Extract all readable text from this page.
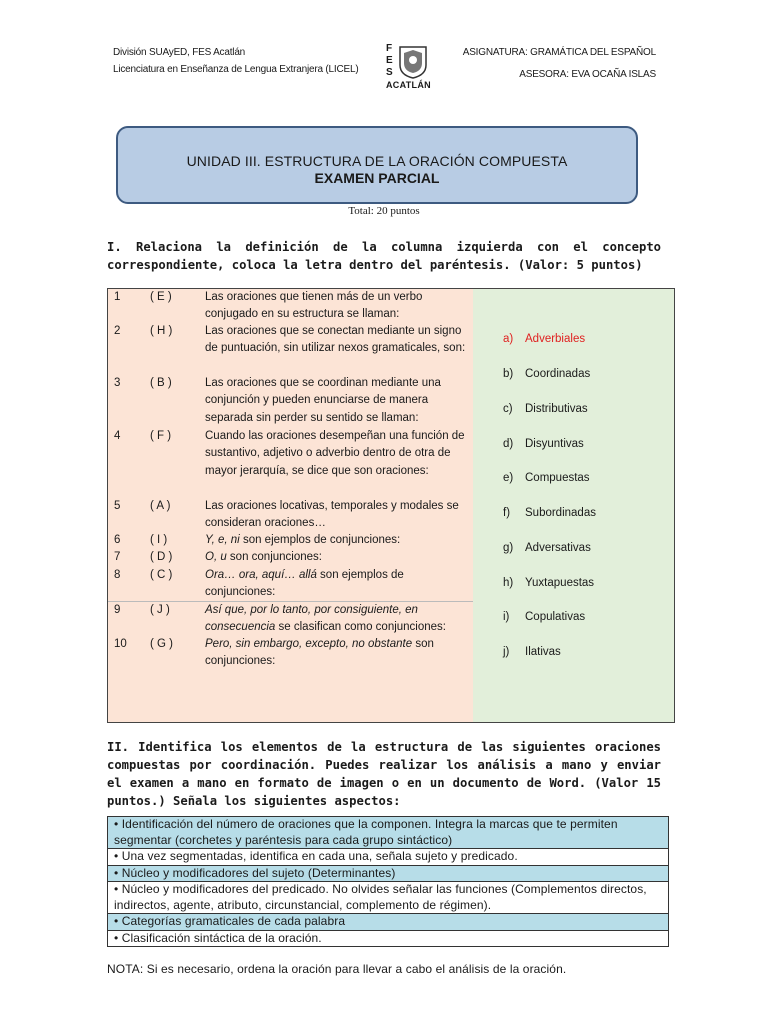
División SUAyED, FES Acatlán
Licenciatura en Enseñanza de Lengua Extranjera (LICEL)
F
E
S
ACATLÁN
ASIGNATURA: GRAMÁTICA DEL ESPAÑOL
ASESORA: EVA OCAÑA ISLAS
UNIDAD III. ESTRUCTURA DE LA ORACIÓN COMPUESTA
EXAMEN PARCIAL
Total: 20 puntos
I. Relaciona la definición de la columna izquierda con el concepto correspondiente, coloca la letra dentro del paréntesis. (Valor: 5 puntos)
1	( E )	Las oraciones que tienen más de un verbo conjugado en su estructura se llaman:
2	( H )	Las oraciones que se conectan mediante un signo de puntuación, sin utilizar nexos gramaticales, son:
3	( B )	Las oraciones que se coordinan mediante una conjunción y pueden enunciarse de manera separada sin perder su sentido se llaman:
4	( F )	Cuando las oraciones desempeñan una función de sustantivo, adjetivo o adverbio dentro de otra de mayor jerarquía, se dice que son oraciones:
5	( A )	Las oraciones locativas, temporales y modales se consideran oraciones…
6	( I )	Y, e, ni son ejemplos de conjunciones:
7	( D )	O, u son conjunciones:
8	( C )	Ora… ora, aquí… allá son ejemplos de conjunciones:
9	( J )	Así que, por lo tanto, por consiguiente, en consecuencia se clasifican como conjunciones:
10	( G )	Pero, sin embargo, excepto, no obstante son conjunciones:
a)	Adverbiales
b)	Coordinadas
c)	Distributivas
d)	Disyuntivas
e)	Compuestas
f)	Subordinadas
g)	Adversativas
h)	Yuxtapuestas
i)	Copulativas
j)	Ilativas
II. Identifica los elementos de la estructura de las siguientes oraciones compuestas por coordinación. Puedes realizar los análisis a mano y enviar el examen a mano en formato de imagen o en un documento de Word. (Valor 15 puntos.) Señala los siguientes aspectos:
• Identificación del número de oraciones que la componen. Integra la marcas que te permiten segmentar (corchetes y paréntesis para cada grupo sintáctico)
• Una vez segmentadas, identifica en cada una, señala sujeto y predicado.
• Núcleo y modificadores del sujeto (Determinantes)
• Núcleo y modificadores del predicado. No olvides señalar las funciones (Complementos directos, indirectos, agente, atributo, circunstancial, complemento de régimen).
• Categorías gramaticales de cada palabra
• Clasificación sintáctica de la oración.
NOTA: Si es necesario, ordena la oración para llevar a cabo el análisis de la oración.
